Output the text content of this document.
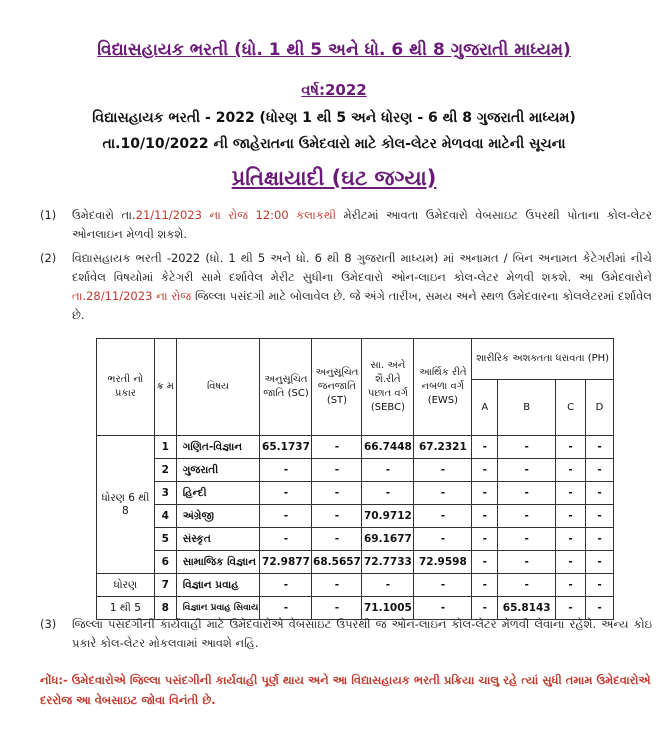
વિદ્યાસહાયક ભરતી (ધો. 1 થી 5 અને ધો. 6 થી 8 ગુજરાતી માધ્યમ)
વર્ષ:2022
વિદ્યાસહાયક ભરતી - 2022 (ધોરણ 1 થી 5 અને ધોરણ - 6 થી 8 ગુજરાતી માધ્યમ)
તા.10/10/2022 ની જાહેરાતના ઉમેદવારો માટે કોલ-લેટર મેળવવા માટેની સૂચના
પ્રતિક્ષાયાદી (ઘટ જગ્યા)
(1)	ઉમેદવારો તા.21/11/2023 ના રોજ 12:00 કલાકથી મેરીટમાં આવતા ઉમેદવારો વેબસાઇટ ઉપરથી પોતાના કોલ-લેટર ઓનલાઇન મેળવી શકશે.
(2)	વિદ્યાસહાયક ભરતી -2022 (ધો. 1 થી 5 અને ધો. 6 થી 8 ગુજરાતી માધ્યમ) માં અનામત / બિન અનામત કેટેગરીમાં નીચે દર્શાવેલ વિષયોમાં કેટેગરી સામે દર્શાવેલ મેરીટ સુધીના ઉમેદવારો ઓન-લાઇન કોલ-લેટર મેળવી શકશે. આ ઉમેદવારોને તા.28/11/2023 ના રોજ જિલ્લા પસંદગી માટે બોલાવેલ છે. જે અંગે તારીખ, સમય અને સ્થળ ઉમેદવારના કોલલેટરમાં દર્શાવેલ છે.
ભરતી નો પ્રકાર	ક્ર મ	વિષય	અનુસૂચિત જાતિ (SC)	અનુસૂચિત જનજાતિ (ST)	સા. અને શૈ.રીતે પછાત વર્ગ (SEBC)	આર્થિક રીતે નબળા વર્ગ (EWS)	શારીરિક અશક્તતા ધરાવતા (PH)			
							A	B	C	D
ધોરણ 6 થી 8	1	ગણિત-વિજ્ઞાન	65.1737	-	66.7448	67.2321	-	-	-	-
	2	ગુજરાતી	-	-	-	-	-	-	-	-
	3	હિન્દી	-	-	-	-	-	-	-	-
	4	અંગ્રેજી	-	-	70.9712	-	-	-	-	-
	5	સંસ્કૃત	-	-	69.1677	-	-	-	-	-
	6	સામાજિક વિજ્ઞાન	72.9877	68.5657	72.7733	72.9598	-	-	-	-
ધોરણ	7	વિજ્ઞાન પ્રવાહ	-	-	-	-	-	-	-	-
1 થી 5	8	વિજ્ઞાન પ્રવાહ સિવાય	-	-	71.1005	-	-	65.8143	-	-
(3)	જિલ્લા પસંદગીની કાર્યવાહી માટે ઉમેદવારોએ વેબસાઇટ ઉપરથી જ ઓન-લાઇન કોલ-લેટર મેળવી લેવાના રહેશે. અન્ય કોઇ પ્રકારે કોલ-લેટર મોકલવામાં આવશે નહિ.
નોંધ:- ઉમેદવારોએ જિલ્લા પસંદગીની કાર્યવાહી પૂર્ણ થાય અને આ વિદ્યાસહાયક ભરતી પ્રક્રિયા ચાલુ રહે ત્યાં સુધી તમામ ઉમેદવારોએ દરરોજ આ વેબસાઇટ જોવા વિનંતી છે.
